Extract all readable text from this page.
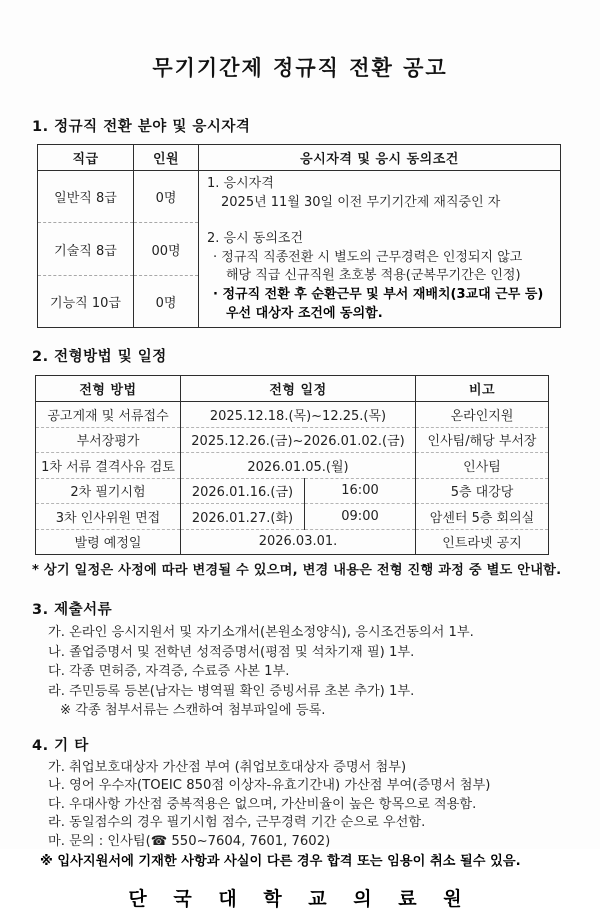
무기기간제 정규직 전환 공고
1. 정규직 전환 분야 및 응시자격
직급	인원	응시자격 및 응시 동의조건
일반직 8급	0명	
1. 응시자격
2025년 11월 30일 이전 무기기간제 재직중인 자
2. 응시 동의조건
· 정규직 직종전환 시 별도의 근무경력은 인정되지 않고
해당 직급 신규직원 초호봉 적용(군복무기간은 인정)
· 정규직 전환 후 순환근무 및 부서 재배치(3교대 근무 등)
우선 대상자 조건에 동의함.

기술직 8급	00명	
기능직 10급	0명	
2. 전형방법 및 일정
전형 방법	전형 일정		비고
공고게재 및 서류접수	2025.12.18.(목)~12.25.(목)		온라인지원
부서장평가	2025.12.26.(금)~2026.01.02.(금)		인사팀/해당 부서장
1차 서류 결격사유 검토	2026.01.05.(월)		인사팀
2차 필기시험	2026.01.16.(금)	16:00	5층 대강당
3차 인사위원 면접	2026.01.27.(화)	09:00	암센터 5층 회의실
발령 예정일	2026.03.01.		인트라넷 공지
* 상기 일정은 사정에 따라 변경될 수 있으며, 변경 내용은 전형 진행 과정 중 별도 안내함.
3. 제출서류
가. 온라인 응시지원서 및 자기소개서(본원소정양식), 응시조건동의서 1부.
나. 졸업증명서 및 전학년 성적증명서(평점 및 석차기재 필) 1부.
다. 각종 면허증, 자격증, 수료증 사본 1부.
라. 주민등록 등본(남자는 병역필 확인 증빙서류 초본 추가) 1부.
※ 각종 첨부서류는 스캔하여 첨부파일에 등록.
4. 기 타
가. 취업보호대상자 가산점 부여 (취업보호대상자 증명서 첨부)
나. 영어 우수자(TOEIC 850점 이상자-유효기간내) 가산점 부여(증명서 첨부)
다. 우대사항 가산점 중복적용은 없으며, 가산비율이 높은 항목으로 적용함.
라. 동일점수의 경우 필기시험 점수, 근무경력 기간 순으로 우선함.
마. 문의 : 인사팀(☎ 550~7604, 7601, 7602)
※ 입사지원서에 기재한 사항과 사실이 다른 경우 합격 또는 임용이 취소 될수 있음.
단 국 대 학 교 의 료 원
